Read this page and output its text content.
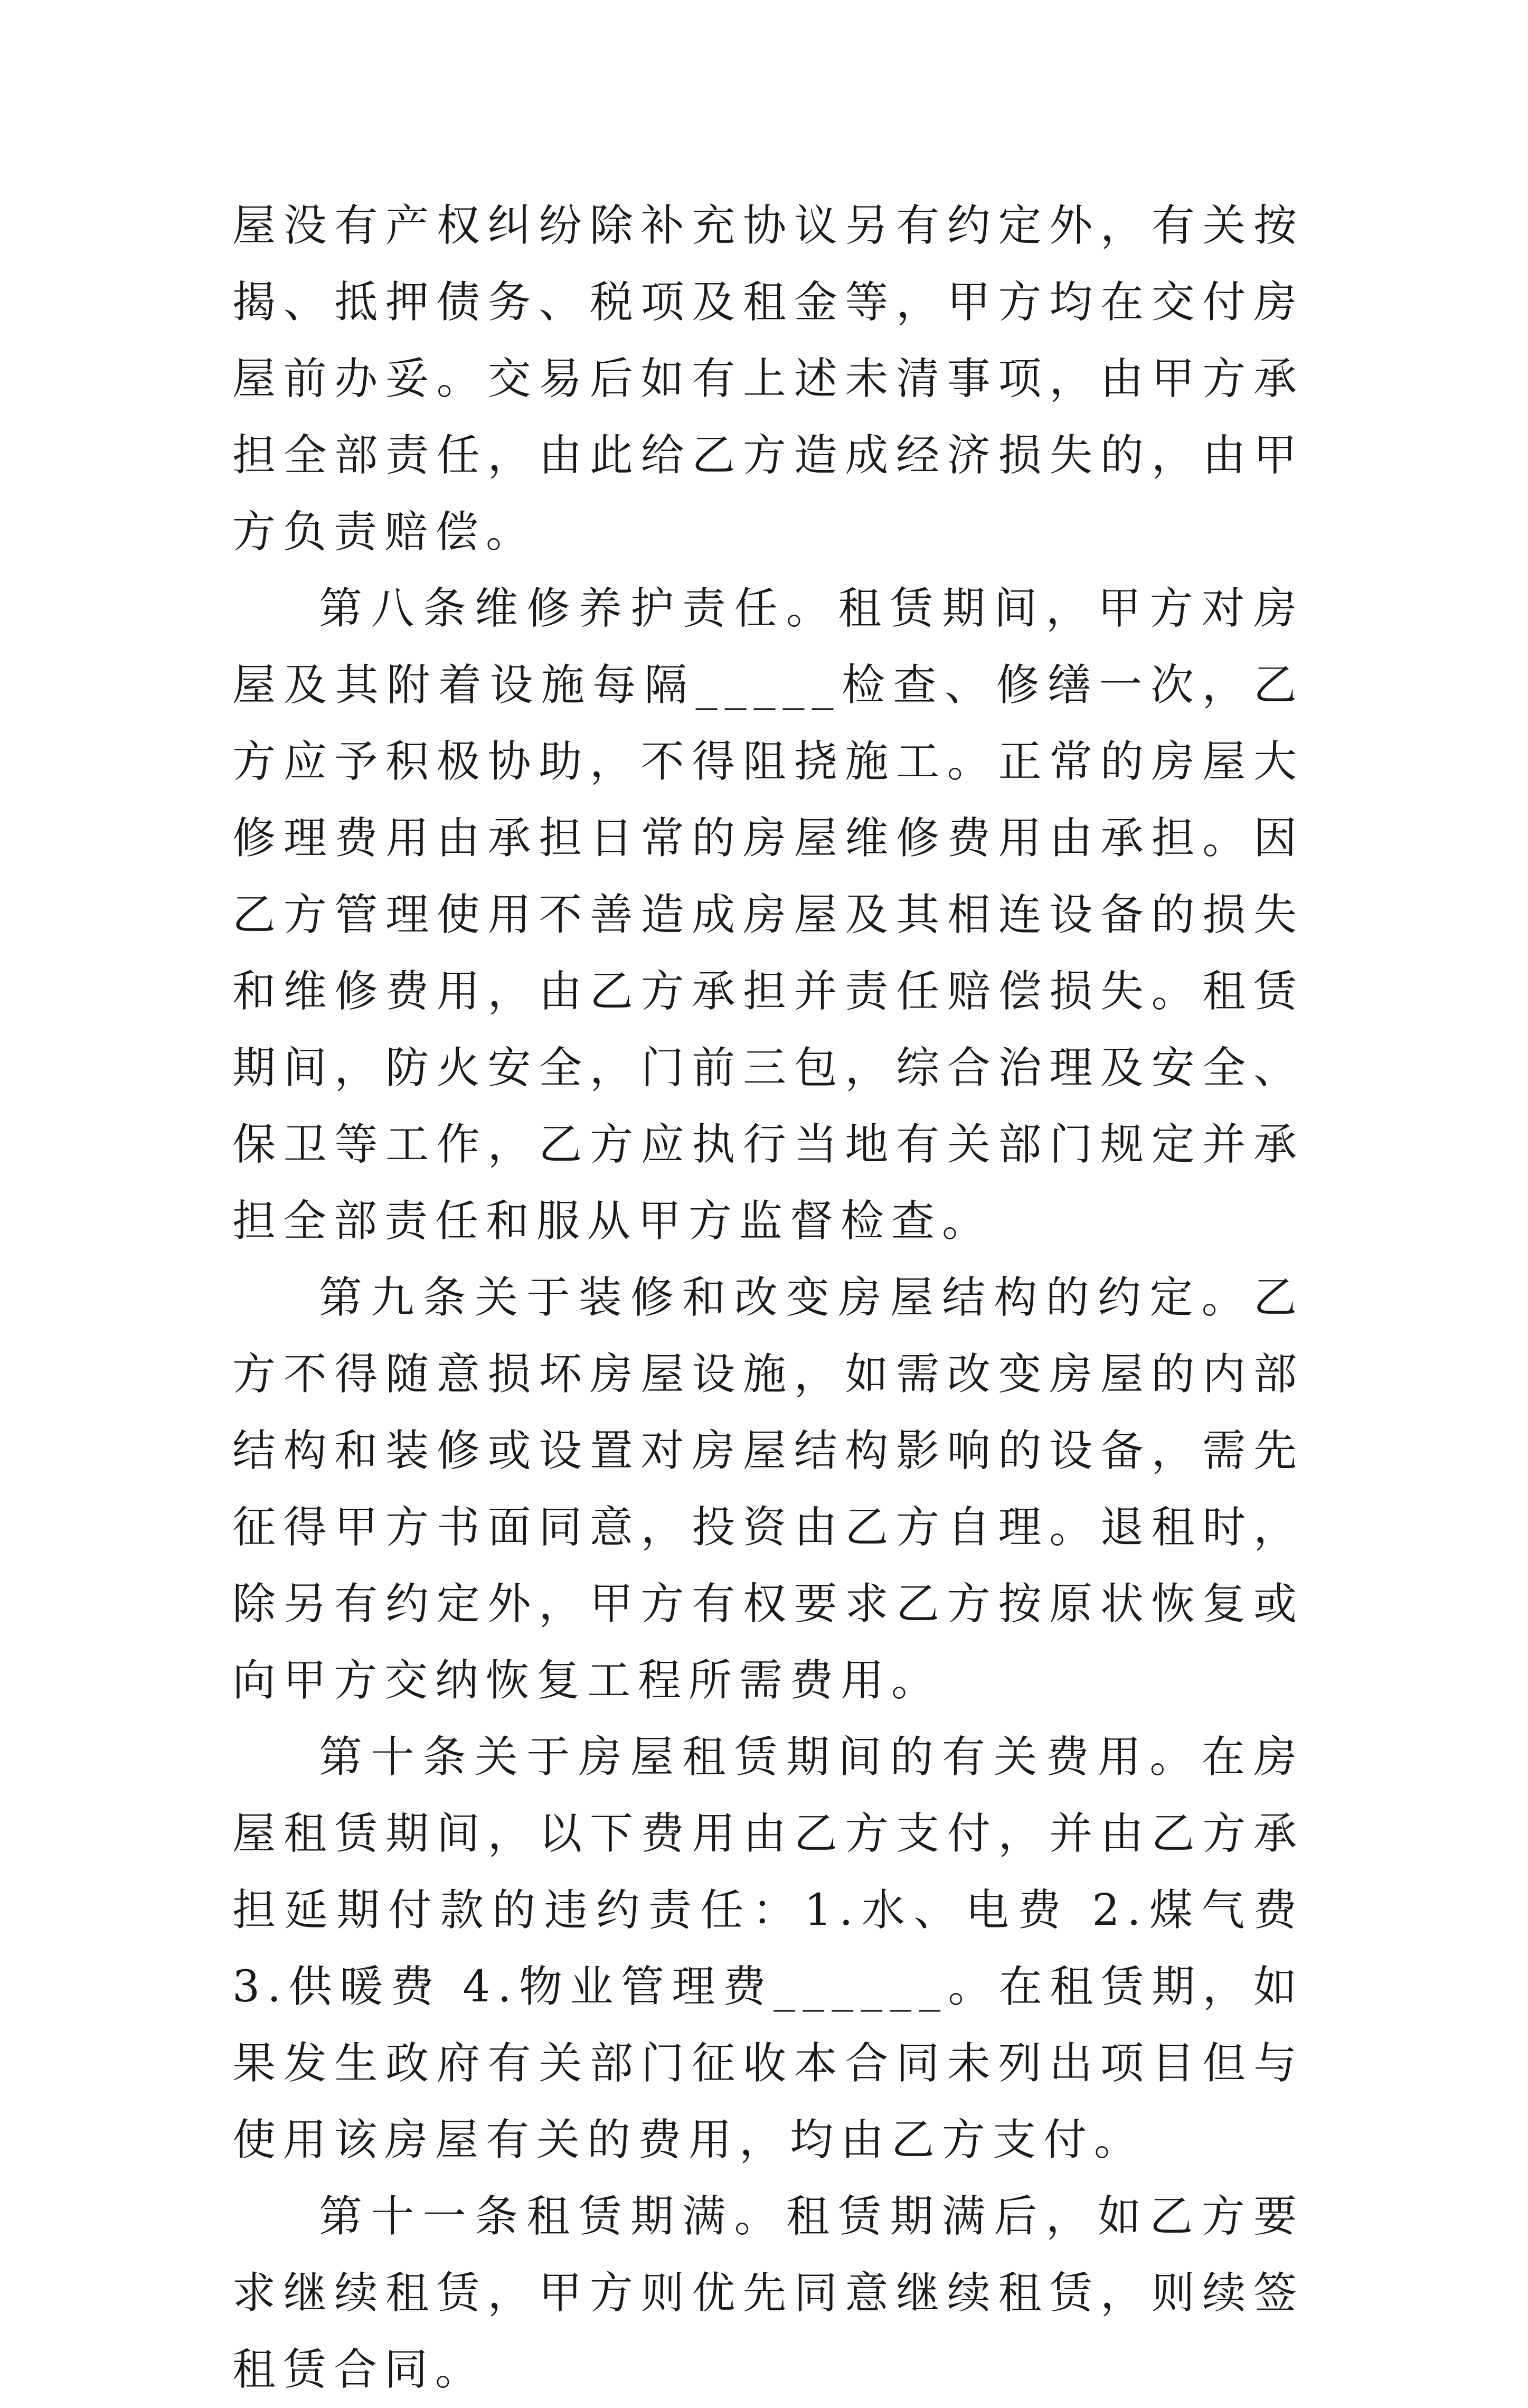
屋没有产权纠纷除补充协议另有约定外，有关按揭、抵押债务、税项及租金等，甲方均在交付房屋前办妥。交易后如有上述未清事项，由甲方承担全部责任，由此给乙方造成经济损失的，由甲方负责赔偿。

第八条维修养护责任。租赁期间，甲方对房屋及其附着设施每隔_____检查、修缮一次，乙方应予积极协助，不得阻挠施工。正常的房屋大修理费用由承担日常的房屋维修费用由承担。因乙方管理使用不善造成房屋及其相连设备的损失和维修费用，由乙方承担并责任赔偿损失。租赁期间，防火安全，门前三包，综合治理及安全、保卫等工作，乙方应执行当地有关部门规定并承担全部责任和服从甲方监督检查。

第九条关于装修和改变房屋结构的约定。乙方不得随意损坏房屋设施，如需改变房屋的内部结构和装修或设置对房屋结构影响的设备，需先征得甲方书面同意，投资由乙方自理。退租时，除另有约定外，甲方有权要求乙方按原状恢复或向甲方交纳恢复工程所需费用。

第十条关于房屋租赁期间的有关费用。在房屋租赁期间，以下费用由乙方支付，并由乙方承担延期付款的违约责任：1.水、电费 2.煤气费 3.供暖费 4.物业管理费______。在租赁期，如果发生政府有关部门征收本合同未列出项目但与使用该房屋有关的费用，均由乙方支付。

第十一条租赁期满。租赁期满后，如乙方要求继续租赁，甲方则优先同意继续租赁，则续签租赁合同。
